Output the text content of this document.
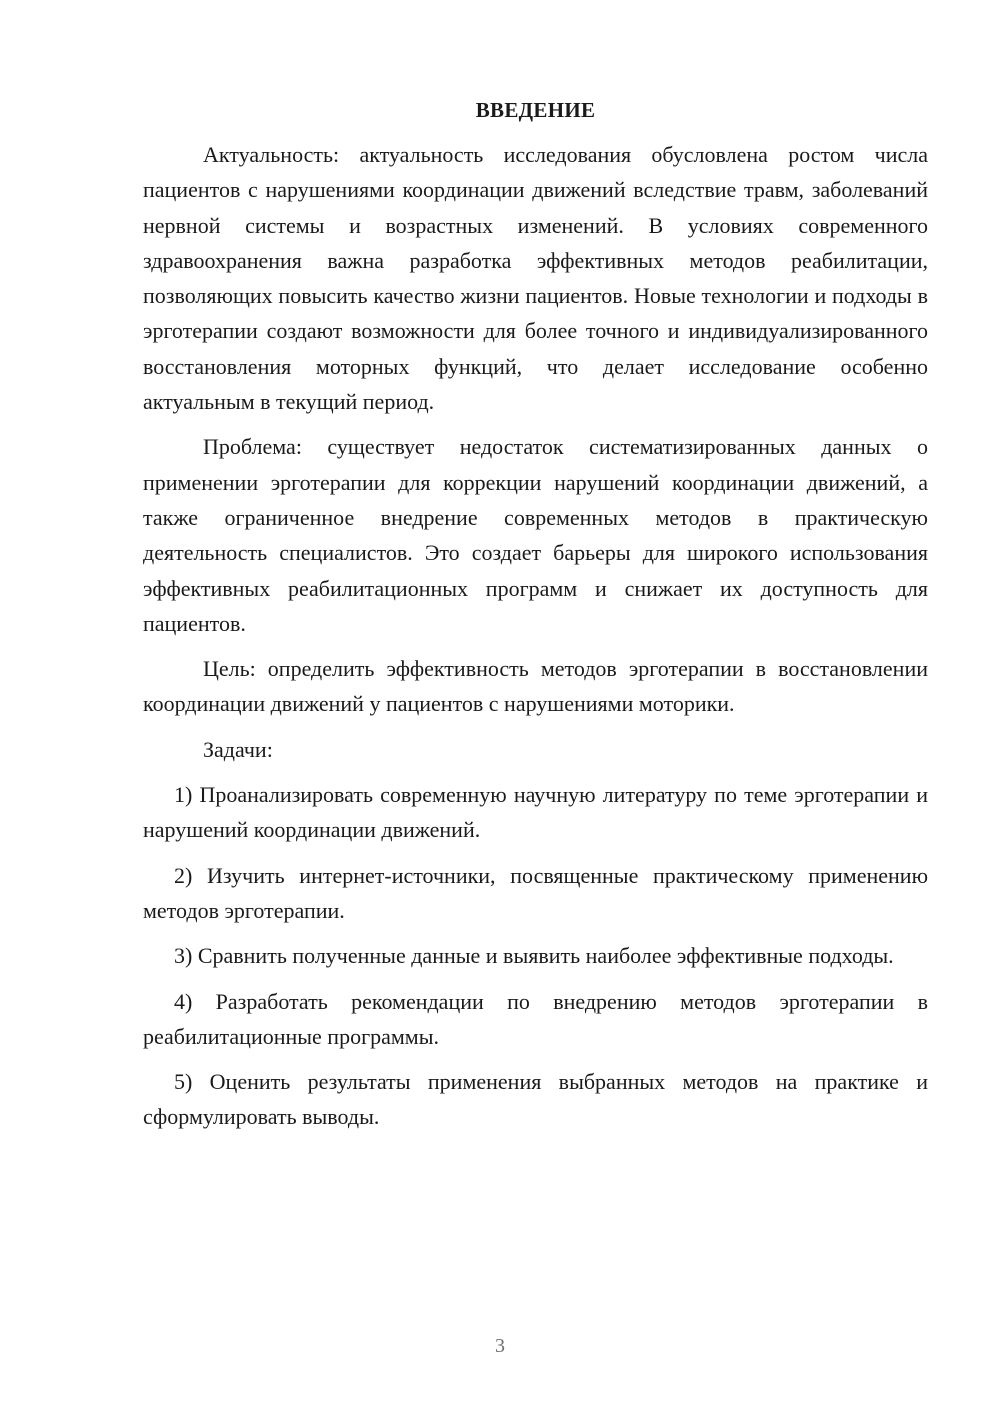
ВВЕДЕНИЕ

Актуальность: актуальность исследования обусловлена ростом числа пациентов с нарушениями координации движений вследствие травм, заболеваний нервной системы и возрастных изменений. В условиях современного здравоохранения важна разработка эффективных методов реабилитации, позволяющих повысить качество жизни пациентов. Новые технологии и подходы в эрготерапии создают возможности для более точного и индивидуализированного восстановления моторных функций, что делает исследование особенно актуальным в текущий период.

Проблема: существует недостаток систематизированных данных о применении эрготерапии для коррекции нарушений координации движений, а также ограниченное внедрение современных методов в практическую деятельность специалистов. Это создает барьеры для широкого использования эффективных реабилитационных программ и снижает их доступность для пациентов.

Цель: определить эффективность методов эрготерапии в восстановлении координации движений у пациентов с нарушениями моторики.

Задачи:

1) Проанализировать современную научную литературу по теме эрготерапии и нарушений координации движений.

2) Изучить интернет-источники, посвященные практическому применению методов эрготерапии.

3) Сравнить полученные данные и выявить наиболее эффективные подходы.

4) Разработать рекомендации по внедрению методов эрготерапии в реабилитационные программы.

5) Оценить результаты применения выбранных методов на практике и сформулировать выводы.

3
